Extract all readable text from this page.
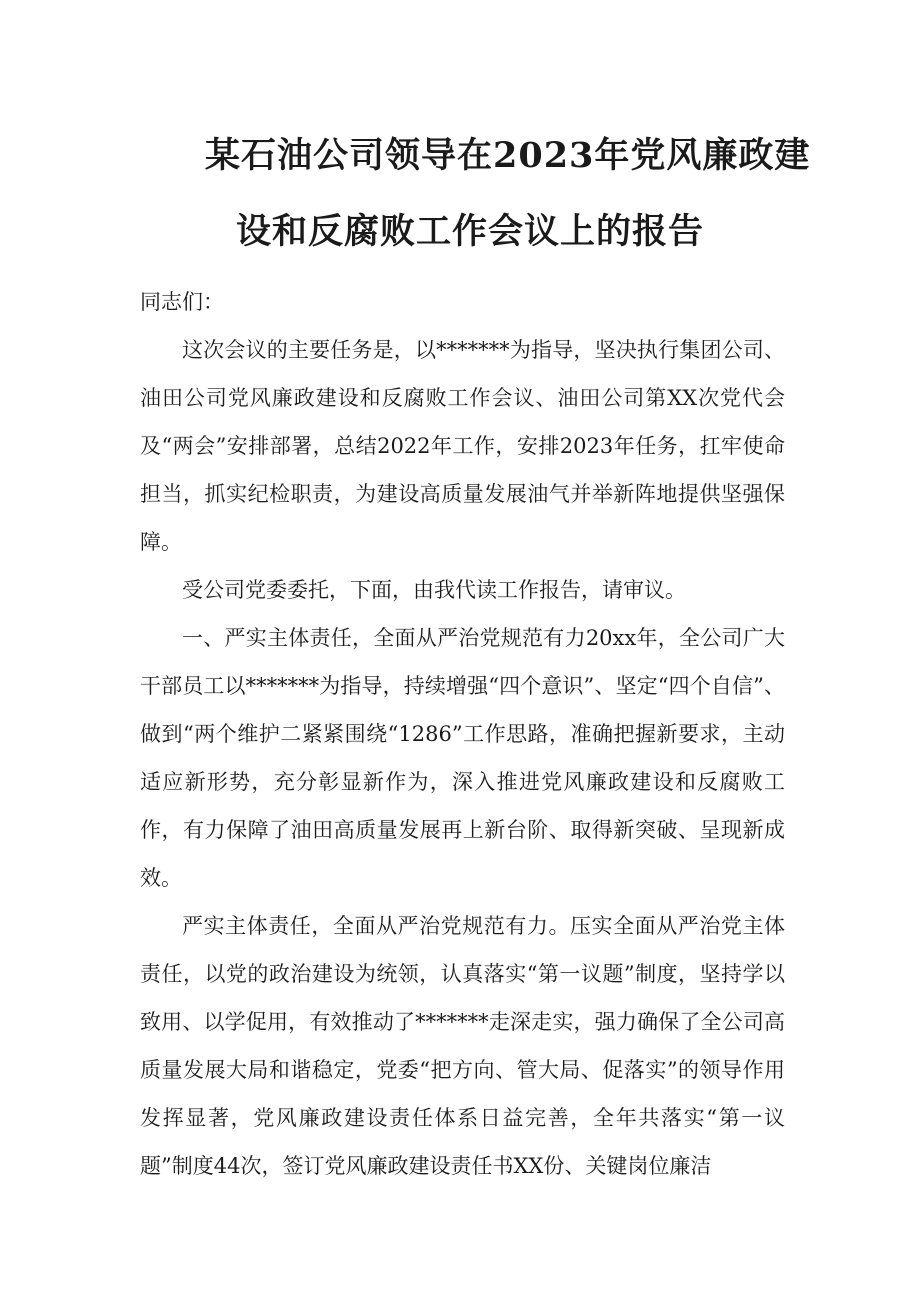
某石油公司领导在2023年党风廉政建
设和反腐败工作会议上的报告

同志们：

这次会议的主要任务是，以*******为指导，坚决执行集团公司、油田公司党风廉政建设和反腐败工作会议、油田公司第XX次党代会及“两会”安排部署，总结2022年工作，安排2023年任务，扛牢使命担当，抓实纪检职责，为建设高质量发展油气并举新阵地提供坚强保障。

受公司党委委托，下面，由我代读工作报告，请审议。

一、严实主体责任，全面从严治党规范有力20xx年，全公司广大干部员工以*******为指导，持续增强“四个意识”、坚定“四个自信”、做到“两个维护二紧紧围绕“1286”工作思路，准确把握新要求，主动适应新形势，充分彰显新作为，深入推进党风廉政建设和反腐败工作，有力保障了油田高质量发展再上新台阶、取得新突破、呈现新成效。

严实主体责任，全面从严治党规范有力。压实全面从严治党主体责任，以党的政治建设为统领，认真落实“第一议题”制度，坚持学以致用、以学促用，有效推动了*******走深走实，强力确保了全公司高质量发展大局和谐稳定，党委“把方向、管大局、促落实”的领导作用发挥显著，党风廉政建设责任体系日益完善，全年共落实“第一议题”制度44次，签订党风廉政建设责任书XX份、关键岗位廉洁
